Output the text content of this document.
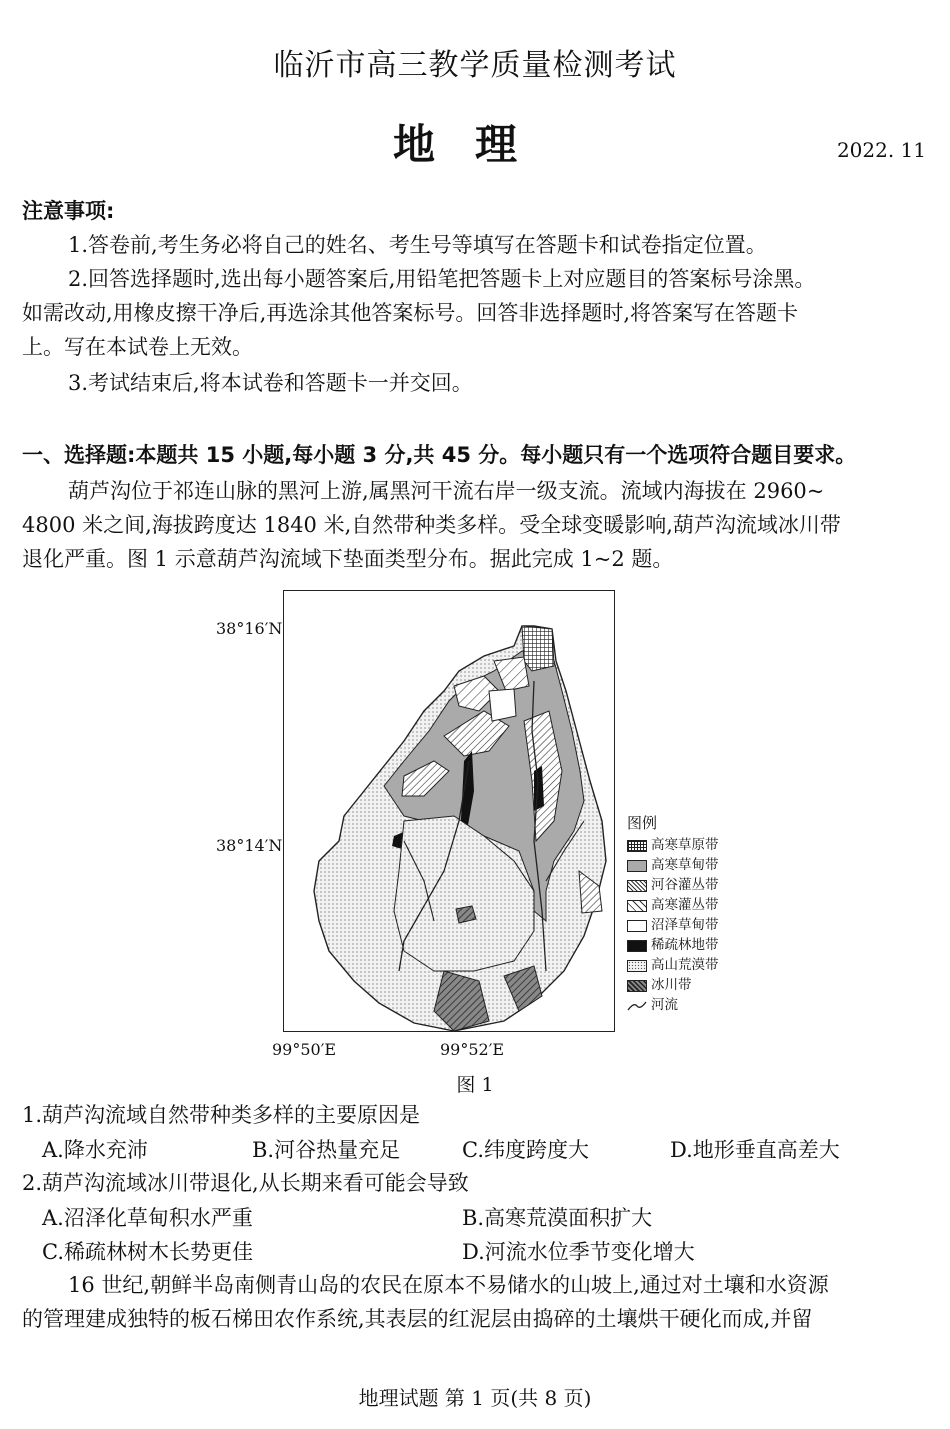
临沂市高三教学质量检测考试
地理	2022. 11
注意事项:
1.答卷前,考生务必将自己的姓名、考生号等填写在答题卡和试卷指定位置。
2.回答选择题时,选出每小题答案后,用铅笔把答题卡上对应题目的答案标号涂黑。
如需改动,用橡皮擦干净后,再选涂其他答案标号。回答非选择题时,将答案写在答题卡
上。写在本试卷上无效。
3.考试结束后,将本试卷和答题卡一并交回。
一、选择题:本题共 15 小题,每小题 3 分,共 45 分。每小题只有一个选项符合题目要求。
葫芦沟位于祁连山脉的黑河上游,属黑河干流右岸一级支流。流域内海拔在 2960~
4800 米之间,海拔跨度达 1840 米,自然带种类多样。受全球变暖影响,葫芦沟流域冰川带
退化严重。图 1 示意葫芦沟流域下垫面类型分布。据此完成 1~2 题。
38°16′N
38°14′N
99°50′E	99°52′E
图例
高寒草原带
高寒草甸带
河谷灌丛带
高寒灌丛带
沼泽草甸带
稀疏林地带
高山荒漠带
冰川带
河流
图 1
1.葫芦沟流域自然带种类多样的主要原因是
A.降水充沛	B.河谷热量充足	C.纬度跨度大	D.地形垂直高差大
2.葫芦沟流域冰川带退化,从长期来看可能会导致
A.沼泽化草甸积水严重	B.高寒荒漠面积扩大
C.稀疏林树木长势更佳	D.河流水位季节变化增大
16 世纪,朝鲜半岛南侧青山岛的农民在原本不易储水的山坡上,通过对土壤和水资源
的管理建成独特的板石梯田农作系统,其表层的红泥层由捣碎的土壤烘干硬化而成,并留
地理试题 第 1 页(共 8 页)
